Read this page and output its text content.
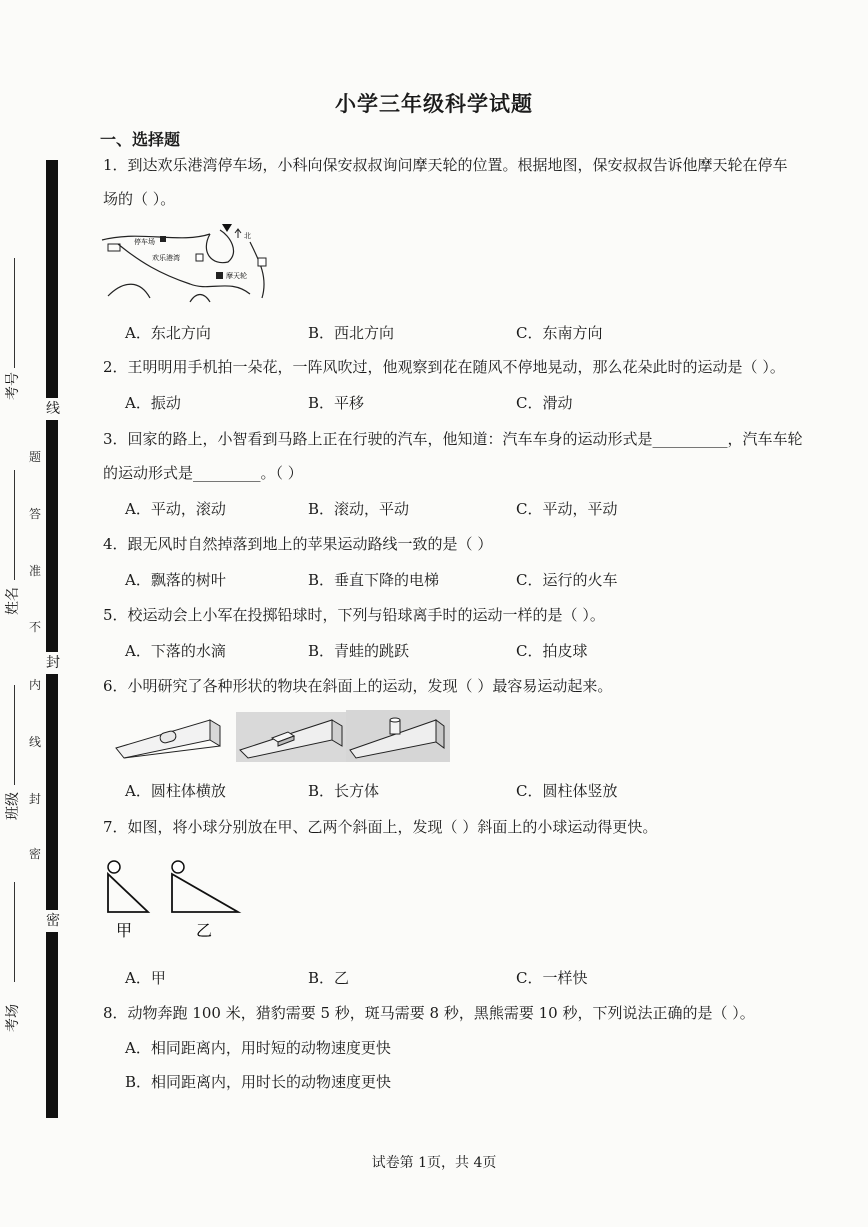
线
封
密
题
答
准
不
内
线
封
密
考号
姓名
班级
考场
小学三年级科学试题
一、选择题
1．到达欢乐港湾停车场，小科向保安叔叔询问摩天轮的位置。根据地图，保安叔叔告诉他摩天轮在停车
场的（ ）。
停车场
欢乐港湾
摩天轮
北
A．东北方向	B．西北方向	C．东南方向
2．王明明用手机拍一朵花，一阵风吹过，他观察到花在随风不停地晃动，那么花朵此时的运动是（ ）。
A．振动	B．平移	C．滑动
3．回家的路上，小智看到马路上正在行驶的汽车，他知道：汽车车身的运动形式是__________，汽车车轮
的运动形式是_________。（ ）
A．平动，滚动	B．滚动，平动	C．平动，平动
4．跟无风时自然掉落到地上的苹果运动路线一致的是（ ）
A．飘落的树叶	B．垂直下降的电梯	C．运行的火车
5．校运动会上小军在投掷铅球时，下列与铅球离手时的运动一样的是（ ）。
A．下落的水滴	B．青蛙的跳跃	C．拍皮球
6．小明研究了各种形状的物块在斜面上的运动，发现（ ）最容易运动起来。
A．圆柱体横放	B．长方体	C．圆柱体竖放
7．如图，将小球分别放在甲、乙两个斜面上，发现（ ）斜面上的小球运动得更快。
甲	乙
A．甲	B．乙	C．一样快
8．动物奔跑 100 米，猎豹需要 5 秒，斑马需要 8 秒，黑熊需要 10 秒，下列说法正确的是（ ）。
A．相同距离内，用时短的动物速度更快
B．相同距离内，用时长的动物速度更快
试卷第 1页，共 4页
